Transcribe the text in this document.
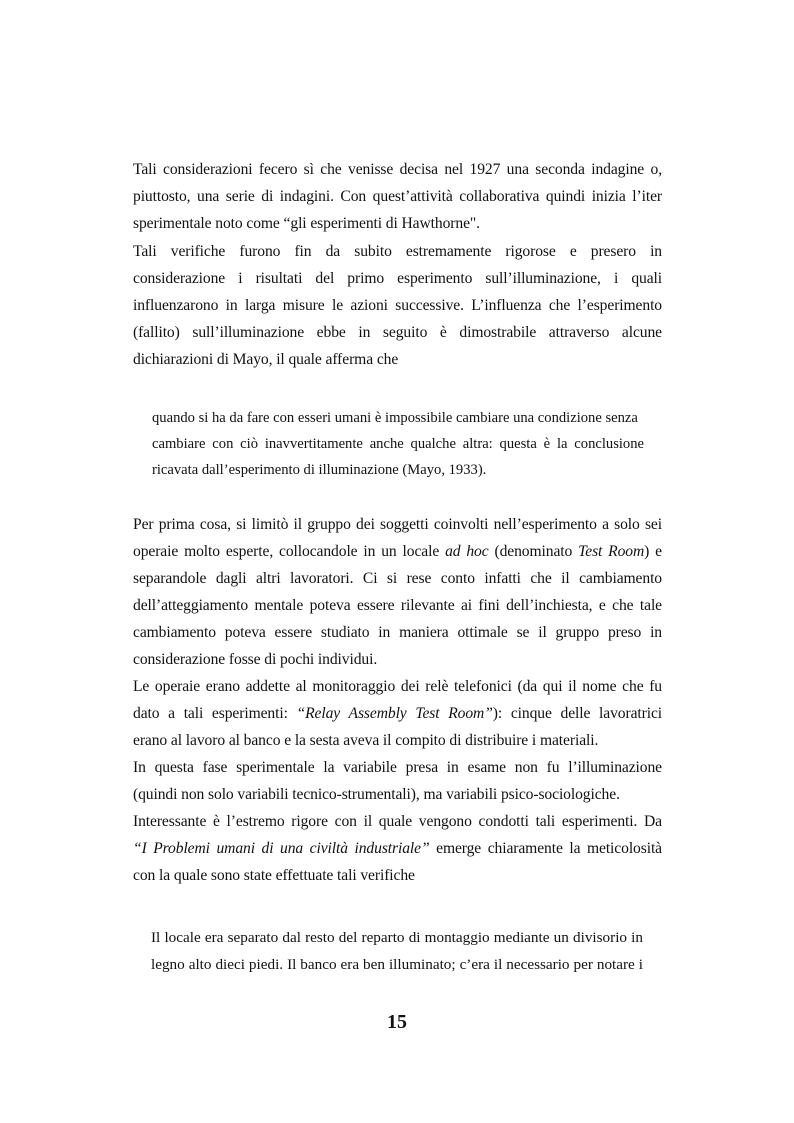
Tali considerazioni fecero sì che venisse decisa nel 1927 una seconda indagine o,
piuttosto, una serie di indagini. Con quest’attività collaborativa quindi inizia l’iter
sperimentale noto come “gli esperimenti di Hawthorne".
Tali verifiche furono fin da subito estremamente rigorose e presero in
considerazione i risultati del primo esperimento sull’illuminazione, i quali
influenzarono in larga misure le azioni successive. L’influenza che l’esperimento
(fallito) sull’illuminazione ebbe in seguito è dimostrabile attraverso alcune
dichiarazioni di Mayo, il quale afferma che
quando si ha da fare con esseri umani è impossibile cambiare una condizione senza
cambiare con ciò inavvertitamente anche qualche altra: questa è la conclusione
ricavata dall’esperimento di illuminazione (Mayo, 1933).
Per prima cosa, si limitò il gruppo dei soggetti coinvolti nell’esperimento a solo sei
operaie molto esperte, collocandole in un locale ad hoc (denominato Test Room) e
separandole dagli altri lavoratori. Ci si rese conto infatti che il cambiamento
dell’atteggiamento mentale poteva essere rilevante ai fini dell’inchiesta, e che tale
cambiamento poteva essere studiato in maniera ottimale se il gruppo preso in
considerazione fosse di pochi individui.
Le operaie erano addette al monitoraggio dei relè telefonici (da qui il nome che fu
dato a tali esperimenti: “Relay Assembly Test Room”): cinque delle lavoratrici
erano al lavoro al banco e la sesta aveva il compito di distribuire i materiali.
In questa fase sperimentale la variabile presa in esame non fu l’illuminazione
(quindi non solo variabili tecnico-strumentali), ma variabili psico-sociologiche.
Interessante è l’estremo rigore con il quale vengono condotti tali esperimenti. Da
“I Problemi umani di una civiltà industriale” emerge chiaramente la meticolosità
con la quale sono state effettuate tali verifiche
Il locale era separato dal resto del reparto di montaggio mediante un divisorio in
legno alto dieci piedi. Il banco era ben illuminato; c’era il necessario per notare i
15
